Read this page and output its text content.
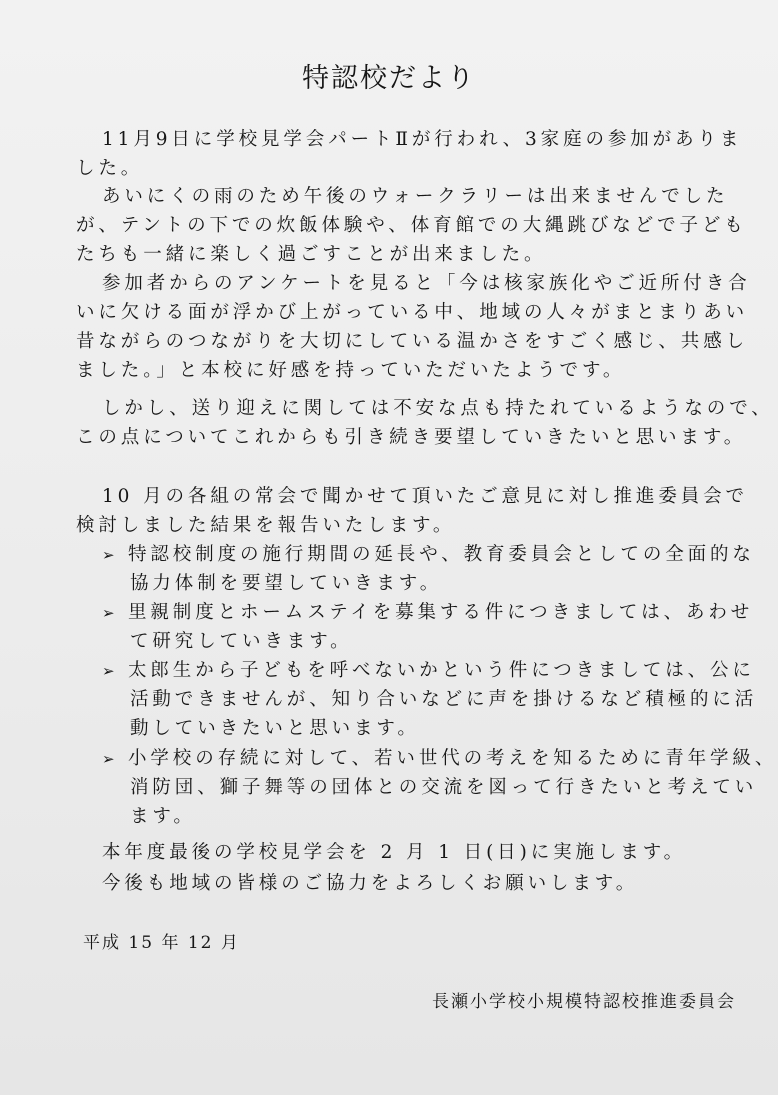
特認校だより
11月9日に学校見学会パートⅡが行われ、3家庭の参加がありま
した。
あいにくの雨のため午後のウォークラリーは出来ませんでした
が、テントの下での炊飯体験や、体育館での大縄跳びなどで子ども
たちも一緒に楽しく過ごすことが出来ました。
参加者からのアンケートを見ると「今は核家族化やご近所付き合
いに欠ける面が浮かび上がっている中、地域の人々がまとまりあい
昔ながらのつながりを大切にしている温かさをすごく感じ、共感し
ました。」と本校に好感を持っていただいたようです。
しかし、送り迎えに関しては不安な点も持たれているようなので、
この点についてこれからも引き続き要望していきたいと思います。
10 月の各組の常会で聞かせて頂いたご意見に対し推進委員会で
検討しました結果を報告いたします。
➢ 特認校制度の施行期間の延長や、教育委員会としての全面的な
協力体制を要望していきます。
➢ 里親制度とホームステイを募集する件につきましては、あわせ
て研究していきます。
➢ 太郎生から子どもを呼べないかという件につきましては、公に
活動できませんが、知り合いなどに声を掛けるなど積極的に活
動していきたいと思います。
➢ 小学校の存続に対して、若い世代の考えを知るために青年学級、
消防団、獅子舞等の団体との交流を図って行きたいと考えてい
ます。
本年度最後の学校見学会を 2 月 1 日(日)に実施します。
今後も地域の皆様のご協力をよろしくお願いします。
平成 15 年 12 月
長瀬小学校小規模特認校推進委員会
